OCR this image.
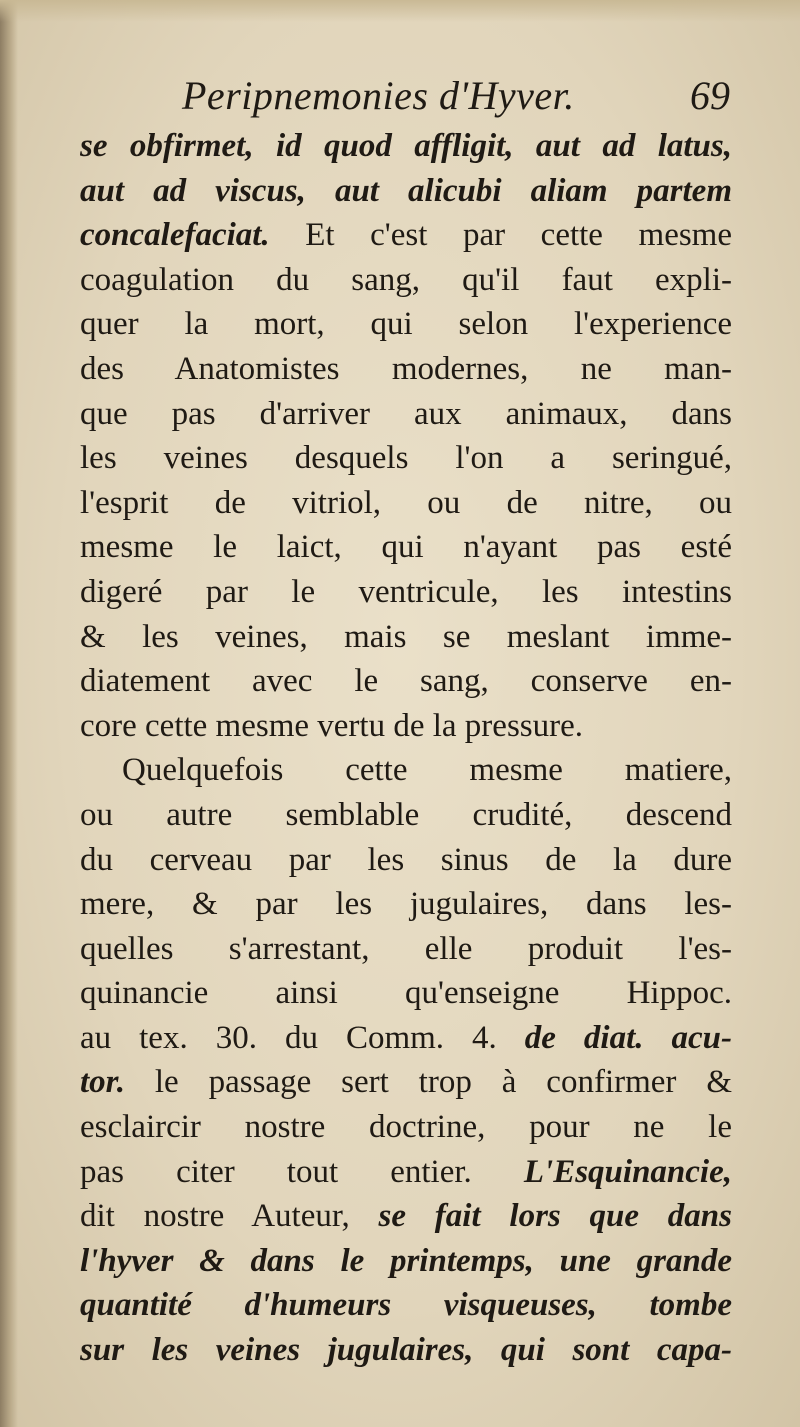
Peripnemonies d'Hyver.	69
se obfirmet, id quod affligit, aut ad latus,
aut ad viscus, aut alicubi aliam partem
concalefaciat. Et c'est par cette mesme
coagulation du sang, qu'il faut expli-
quer la mort, qui selon l'experience
des Anatomistes modernes, ne man-
que pas d'arriver aux animaux, dans
les veines desquels l'on a seringué,
l'esprit de vitriol, ou de nitre, ou
mesme le laict, qui n'ayant pas esté
digeré par le ventricule, les intestins
& les veines, mais se meslant imme-
diatement avec le sang, conserve en-
core cette mesme vertu de la pressure.
Quelquefois cette mesme matiere,
ou autre semblable crudité, descend
du cerveau par les sinus de la dure
mere, & par les jugulaires, dans les-
quelles s'arrestant, elle produit l'es-
quinancie ainsi qu'enseigne Hippoc.
au tex. 30. du Comm. 4. de diat. acu-
tor. le passage sert trop à confirmer &
esclaircir nostre doctrine, pour ne le
pas citer tout entier. L'Esquinancie,
dit nostre Auteur, se fait lors que dans
l'hyver & dans le printemps, une grande
quantité d'humeurs visqueuses, tombe
sur les veines jugulaires, qui sont capa-
